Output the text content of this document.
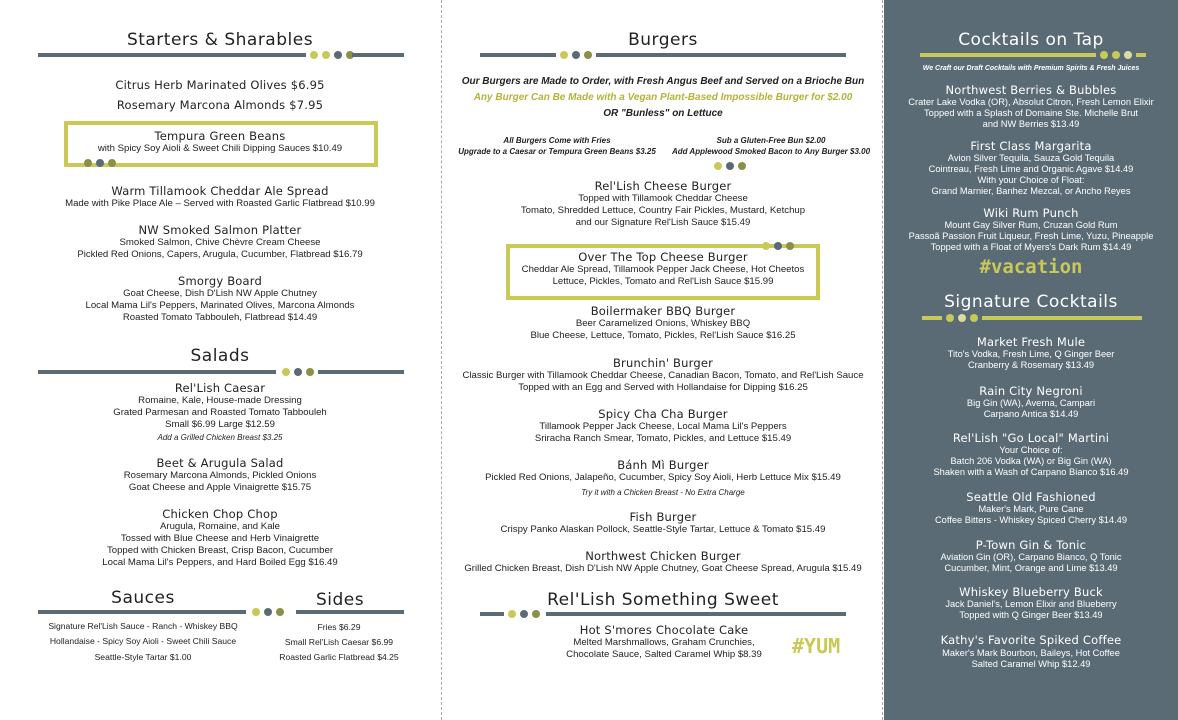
Starters & Sharables
Citrus Herb Marinated Olives $6.95
Rosemary Marcona Almonds $7.95
Tempura Green Beans
with Spicy Soy Aioli & Sweet Chili Dipping Sauces $10.49
Warm Tillamook Cheddar Ale Spread
Made with Pike Place Ale – Served with Roasted Garlic Flatbread $10.99
NW Smoked Salmon Platter
Smoked Salmon, Chive Chèvre Cream Cheese
Pickled Red Onions, Capers, Arugula, Cucumber, Flatbread $16.79
Smorgy Board
Goat Cheese, Dish D'Lish NW Apple Chutney
Local Mama Lil's Peppers, Marinated Olives, Marcona Almonds
Roasted Tomato Tabbouleh, Flatbread $14.49
Salads
Rel'Lish Caesar
Romaine, Kale, House-made Dressing
Grated Parmesan and Roasted Tomato Tabbouleh
Small $6.99 Large $12.59
Add a Grilled Chicken Breast $3.25
Beet & Arugula Salad
Rosemary Marcona Almonds, Pickled Onions
Goat Cheese and Apple Vinaigrette $15.75
Chicken Chop Chop
Arugula, Romaine, and Kale
Tossed with Blue Cheese and Herb Vinaigrette
Topped with Chicken Breast, Crisp Bacon, Cucumber
Local Mama Lil's Peppers, and Hard Boiled Egg $16.49
Sauces
Signature Rel'Lish Sauce - Ranch - Whiskey BBQ
Hollandaise - Spicy Soy Aioli - Sweet Chili Sauce
Seattle-Style Tartar $1.00
Sides
Fries $6.29
Small Rel'Lish Caesar $6.99
Roasted Garlic Flatbread $4.25
Burgers
Our Burgers are Made to Order, with Fresh Angus Beef and Served on a Brioche Bun
Any Burger Can Be Made with a Vegan Plant-Based Impossible Burger for $2.00
OR "Bunless" on Lettuce
All Burgers Come with Fries
Upgrade to a Caesar or Tempura Green Beans $3.25
Sub a Gluten-Free Bun $2.00
Add Applewood Smoked Bacon to Any Burger $3.00
Rel'Lish Cheese Burger
Topped with Tillamook Cheddar Cheese
Tomato, Shredded Lettuce, Country Fair Pickles, Mustard, Ketchup
and our Signature Rel'Lish Sauce $15.49
Over The Top Cheese Burger
Cheddar Ale Spread, Tillamook Pepper Jack Cheese, Hot Cheetos
Lettuce, Pickles, Tomato and Rel'Lish Sauce $15.99
Boilermaker BBQ Burger
Beer Caramelized Onions, Whiskey BBQ
Blue Cheese, Lettuce, Tomato, Pickles, Rel'Lish Sauce $16.25
Brunchin' Burger
Classic Burger with Tillamook Cheddar Cheese, Canadian Bacon, Tomato, and Rel'Lish Sauce
Topped with an Egg and Served with Hollandaise for Dipping $16.25
Spicy Cha Cha Burger
Tillamook Pepper Jack Cheese, Local Mama Lil's Peppers
Sriracha Ranch Smear, Tomato, Pickles, and Lettuce $15.49
Bánh Mì Burger
Pickled Red Onions, Jalapeño, Cucumber, Spicy Soy Aioli, Herb Lettuce Mix $15.49
Try it with a Chicken Breast - No Extra Charge
Fish Burger
Crispy Panko Alaskan Pollock, Seattle-Style Tartar, Lettuce & Tomato $15.49
Northwest Chicken Burger
Grilled Chicken Breast, Dish D'Lish NW Apple Chutney, Goat Cheese Spread, Arugula $15.49
Rel'Lish Something Sweet
Hot S'mores Chocolate Cake
Melted Marshmallows, Graham Crunchies,
Chocolate Sauce, Salted Caramel Whip $8.39	#YUM
Cocktails on Tap
We Craft our Draft Cocktails with Premium Spirits & Fresh Juices
Northwest Berries & Bubbles
Crater Lake Vodka (OR), Absolut Citron, Fresh Lemon Elixir
Topped with a Splash of Domaine Ste. Michelle Brut
and NW Berries $13.49
First Class Margarita
Avion Silver Tequila, Sauza Gold Tequila
Cointreau, Fresh Lime and Organic Agave $14.49
With your Choice of Float:
Grand Marnier, Banhez Mezcal, or Ancho Reyes
Wiki Rum Punch
Mount Gay Silver Rum, Cruzan Gold Rum
Passoã Passion Fruit Liqueur, Fresh Lime, Yuzu, Pineapple
Topped with a Float of Myers's Dark Rum $14.49
#vacation
Signature Cocktails
Market Fresh Mule
Tito's Vodka, Fresh Lime, Q Ginger Beer
Cranberry & Rosemary $13.49
Rain City Negroni
Big Gin (WA), Averna, Campari
Carpano Antica $14.49
Rel'Lish "Go Local" Martini
Your Choice of:
Batch 206 Vodka (WA) or Big Gin (WA)
Shaken with a Wash of Carpano Bianco $16.49
Seattle Old Fashioned
Maker's Mark, Pure Cane
Coffee Bitters - Whiskey Spiced Cherry $14.49
P-Town Gin & Tonic
Aviation Gin (OR), Carpano Bianco, Q Tonic
Cucumber, Mint, Orange and Lime $13.49
Whiskey Blueberry Buck
Jack Daniel's, Lemon Elixir and Blueberry
Topped with Q Ginger Beer $13.49
Kathy's Favorite Spiked Coffee
Maker's Mark Bourbon, Baileys, Hot Coffee
Salted Caramel Whip $12.49
